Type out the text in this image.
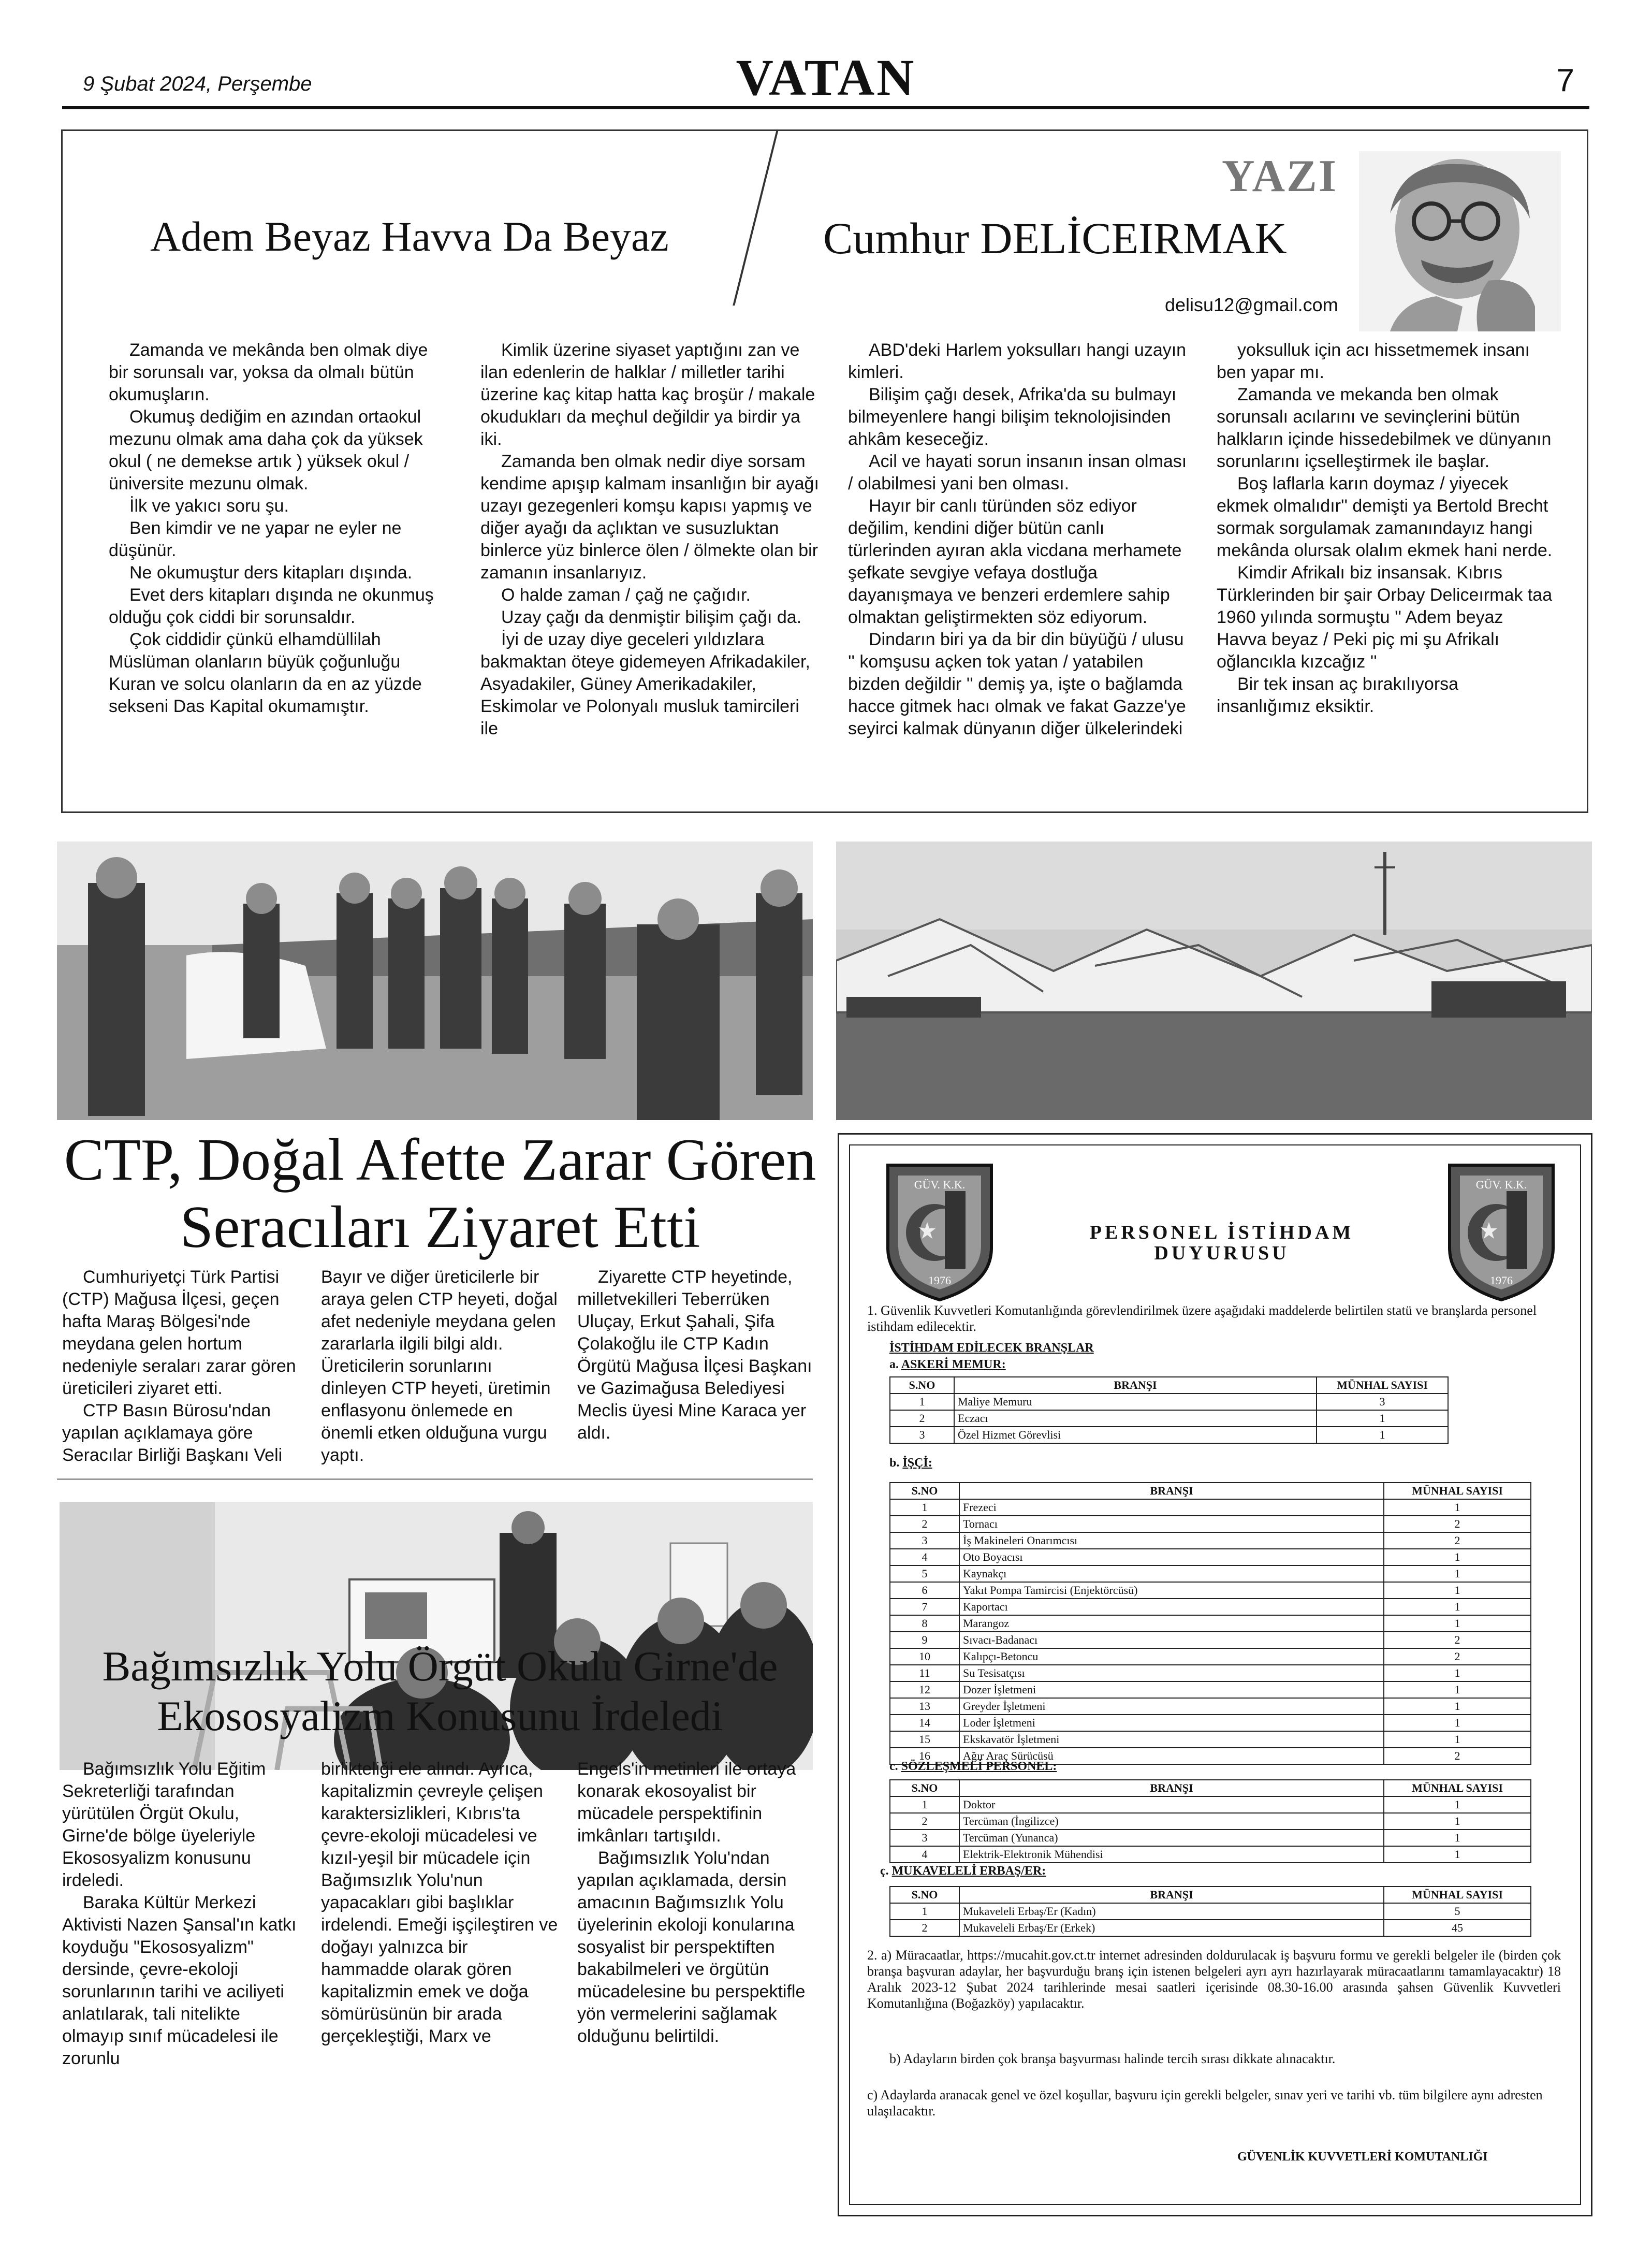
9 Şubat 2024, Perşembe	VATAN	7
Adem Beyaz Havva Da Beyaz
YAZI
Cumhur DELİCEIRMAK
delisu12@gmail.com

Zamanda ve mekânda ben olmak diye bir sorunsalı var, yoksa da olmalı bütün okumuşların.

Okumuş dediğim en azından ortaokul mezunu olmak ama daha çok da yüksek okul ( ne demekse artık ) yüksek okul / üniversite mezunu olmak.

İlk ve yakıcı soru şu.

Ben kimdir ve ne yapar ne eyler ne düşünür.

Ne okumuştur ders kitapları dışında.

Evet ders kitapları dışında ne okunmuş olduğu çok ciddi bir sorunsaldır.

Çok ciddidir çünkü elhamdüllilah Müslüman olanların büyük çoğunluğu Kuran ve solcu olanların da en az yüzde sekseni Das Kapital okumamıştır.

Kimlik üzerine siyaset yaptığını zan ve ilan edenlerin de halklar / milletler tarihi üzerine kaç kitap hatta kaç broşür / makale okudukları da meçhul değildir ya birdir ya iki.

Zamanda ben olmak nedir diye sorsam kendime apışıp kalmam insanlığın bir ayağı uzayı gezegenleri komşu kapısı yapmış ve diğer ayağı da açlıktan ve susuzluktan binlerce yüz binlerce ölen / ölmekte olan bir zamanın insanlarıyız.

O halde zaman / çağ ne çağıdır.

Uzay çağı da denmiştir bilişim çağı da.

İyi de uzay diye geceleri yıldızlara bakmaktan öteye gidemeyen Afrikadakiler, Asyadakiler, Güney Amerikadakiler, Eskimolar ve Polonyalı musluk tamircileri ile

ABD'deki Harlem yoksulları hangi uzayın kimleri.

Bilişim çağı desek, Afrika'da su bulmayı bilmeyenlere hangi bilişim teknolojisinden ahkâm keseceğiz.

Acil ve hayati sorun insanın insan olması / olabilmesi yani ben olması.

Hayır bir canlı türünden söz ediyor değilim, kendini diğer bütün canlı türlerinden ayıran akla vicdana merhamete şefkate sevgiye vefaya dostluğa dayanışmaya ve benzeri erdemlere sahip olmaktan geliştirmekten söz ediyorum.

Dindarın biri ya da bir din büyüğü / ulusu '' komşusu açken tok yatan / yatabilen bizden değildir '' demiş ya, işte o bağlamda hacce gitmek hacı olmak ve fakat Gazze'ye seyirci kalmak dünyanın diğer ülkelerindeki

yoksulluk için acı hissetmemek insanı ben yapar mı.

Zamanda ve mekanda ben olmak sorunsalı acılarını ve sevinçlerini bütün halkların içinde hissedebilmek ve dünyanın sorunlarını içselleştirmek ile başlar.

Boş laflarla karın doymaz / yiyecek ekmek olmalıdır'' demişti ya Bertold Brecht sormak sorgulamak zamanındayız hangi mekânda olursak olalım ekmek hani nerde.

Kimdir Afrikalı biz insansak. Kıbrıs Türklerinden bir şair Orbay Deliceırmak taa 1960 yılında sormuştu '' Adem beyaz Havva beyaz / Peki piç mi şu Afrikalı oğlancıkla kızcağız ''

Bir tek insan aç bırakılıyorsa insanlığımız eksiktir.

CTP, Doğal Afette Zarar Gören Seracıları Ziyaret Etti

Cumhuriyetçi Türk Partisi (CTP) Mağusa İlçesi, geçen hafta Maraş Bölgesi'nde meydana gelen hortum nedeniyle seraları zarar gören üreticileri ziyaret etti.

CTP Basın Bürosu'ndan yapılan açıklamaya göre Seracılar Birliği Başkanı Veli

Bayır ve diğer üreticilerle bir araya gelen CTP heyeti, doğal afet nedeniyle meydana gelen zararlarla ilgili bilgi aldı. Üreticilerin sorunlarını dinleyen CTP heyeti, üretimin enflasyonu önlemede en önemli etken olduğuna vurgu yaptı.

Ziyarette CTP heyetinde, milletvekilleri Teberrüken Uluçay, Erkut Şahali, Şifa Çolakoğlu ile CTP Kadın Örgütü Mağusa İlçesi Başkanı ve Gazimağusa Belediyesi Meclis üyesi Mine Karaca yer aldı.

Bağımsızlık Yolu Örgüt Okulu Girne'de Ekososyalizm Konusunu İrdeledi

Bağımsızlık Yolu Eğitim Sekreterliği tarafından yürütülen Örgüt Okulu, Girne'de bölge üyeleriyle Ekososyalizm konusunu irdeledi.

Baraka Kültür Merkezi Aktivisti Nazen Şansal'ın katkı koyduğu "Ekososyalizm" dersinde, çevre-ekoloji sorunlarının tarihi ve aciliyeti anlatılarak, tali nitelikte olmayıp sınıf mücadelesi ile zorunlu

birlikteliği ele alındı. Ayrıca, kapitalizmin çevreyle çelişen karaktersizlikleri, Kıbrıs'ta çevre-ekoloji mücadelesi ve kızıl-yeşil bir mücadele için Bağımsızlık Yolu'nun yapacakları gibi başlıklar irdelendi. Emeği işçileştiren ve doğayı yalnızca bir hammadde olarak gören kapitalizmin emek ve doğa sömürüsünün bir arada gerçekleştiği, Marx ve

Engels'in metinleri ile ortaya konarak ekosoyalist bir mücadele perspektifinin imkânları tartışıldı.

Bağımsızlık Yolu'ndan yapılan açıklamada, dersin amacının Bağımsızlık Yolu üyelerinin ekoloji konularına sosyalist bir perspektiften bakabilmeleri ve örgütün mücadelesine bu perspektifle yön vermelerini sağlamak olduğunu belirtildi.

GÜV. K.K.
1976
GÜV. K.K.
1976
PERSONEL İSTİHDAM
DUYURUSU
1. Güvenlik Kuvvetleri Komutanlığında görevlendirilmek üzere aşağıdaki maddelerde belirtilen statü ve branşlarda personel istihdam edilecektir.
İSTİHDAM EDİLECEK BRANŞLAR
a. ASKERİ MEMUR:
S.NO	BRANŞI	MÜNHAL SAYISI
1	Maliye Memuru	3
2	Eczacı	1
3	Özel Hizmet Görevlisi	1
b. İŞÇİ:
S.NO	BRANŞI	MÜNHAL SAYISI
1	Frezeci	1
2	Tornacı	2
3	İş Makineleri Onarımcısı	2
4	Oto Boyacısı	1
5	Kaynakçı	1
6	Yakıt Pompa Tamircisi (Enjektörcüsü)	1
7	Kaportacı	1
8	Marangoz	1
9	Sıvacı-Badanacı	2
10	Kalıpçı-Betoncu	2
11	Su Tesisatçısı	1
12	Dozer İşletmeni	1
13	Greyder İşletmeni	1
14	Loder İşletmeni	1
15	Ekskavatör İşletmeni	1
16	Ağır Araç Sürücüsü	2
c. SÖZLEŞMELİ PERSONEL:
S.NO	BRANŞI	MÜNHAL SAYISI
1	Doktor	1
2	Tercüman (İngilizce)	1
3	Tercüman (Yunanca)	1
4	Elektrik-Elektronik Mühendisi	1
ç. MUKAVELELİ ERBAŞ/ER:
S.NO	BRANŞI	MÜNHAL SAYISI
1	Mukaveleli Erbaş/Er (Kadın)	5
2	Mukaveleli Erbaş/Er (Erkek)	45
2. a) Müracaatlar, https://mucahit.gov.ct.tr internet adresinden doldurulacak iş başvuru formu ve gerekli belgeler ile (birden çok branşa başvuran adaylar, her başvurduğu branş için istenen belgeleri ayrı ayrı hazırlayarak müracaatlarını tamamlayacaktır) 18 Aralık 2023-12 Şubat 2024 tarihlerinde mesai saatleri içerisinde 08.30-16.00 arasında şahsen Güvenlik Kuvvetleri Komutanlığına (Boğazköy) yapılacaktır.
b) Adayların birden çok branşa başvurması halinde tercih sırası dikkate alınacaktır.
c) Adaylarda aranacak genel ve özel koşullar, başvuru için gerekli belgeler, sınav yeri ve tarihi vb. tüm bilgilere aynı adresten ulaşılacaktır.
GÜVENLİK KUVVETLERİ KOMUTANLIĞI
